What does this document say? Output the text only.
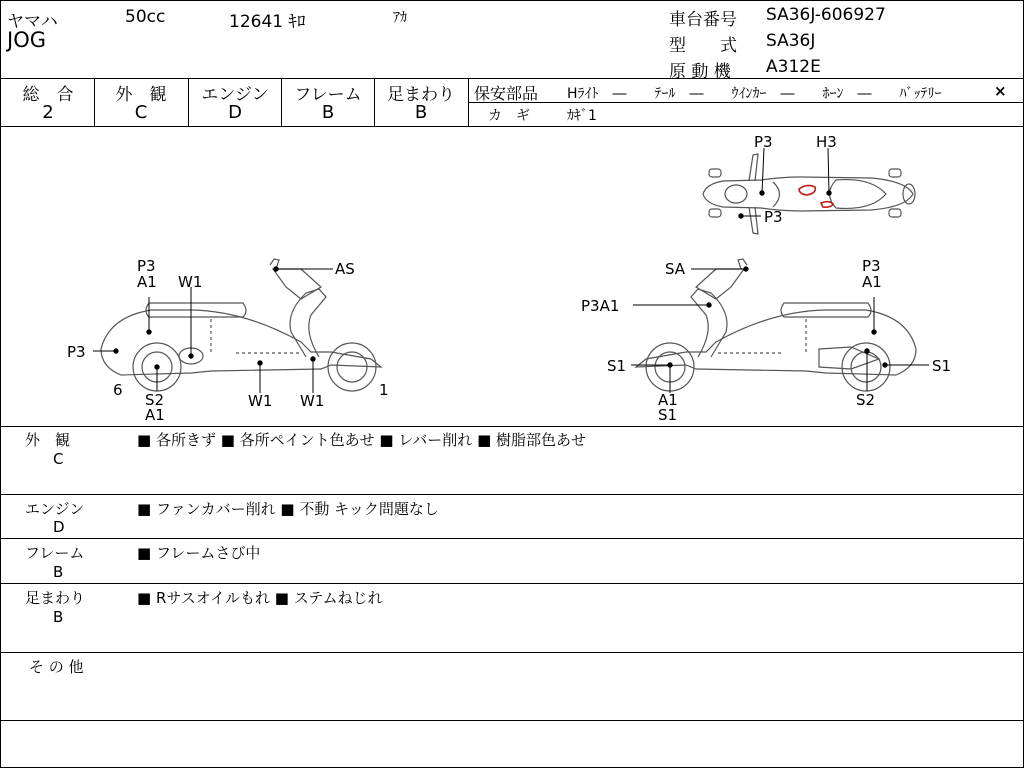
ヤマハ	50cc	12641 ｷﾛ	ｱｶ
JOG
車台番号 SA36J-606927
型　　式 SA36J
原 動 機 A312E
総　合
2
外　観
C
エンジン
D
フレーム
B
足まわり
B
保安部品 Hﾗｲﾄ　―　　ﾃｰﾙ　―　　ｳｲﾝｶｰ　―　　ﾎｰﾝ　―　　ﾊﾞｯﾃﾘｰ	×
カ　ギ	ｶｷﾞ1
P3	H3
P3
P3
A1 W1
AS
P3
6
S2
A1
W1 W1
1
SA	P3
A1
P3A1
S1	S1
A1
S1
S2
外　観
C
■ 各所きず ■ 各所ペイント色あせ ■ レバー削れ ■ 樹脂部色あせ
エンジン
D
■ ファンカバー削れ ■ 不動 キック問題なし
フレーム
B
■ フレームさび中
足まわり
B
■ Rサスオイルもれ ■ ステムねじれ
そ の 他
